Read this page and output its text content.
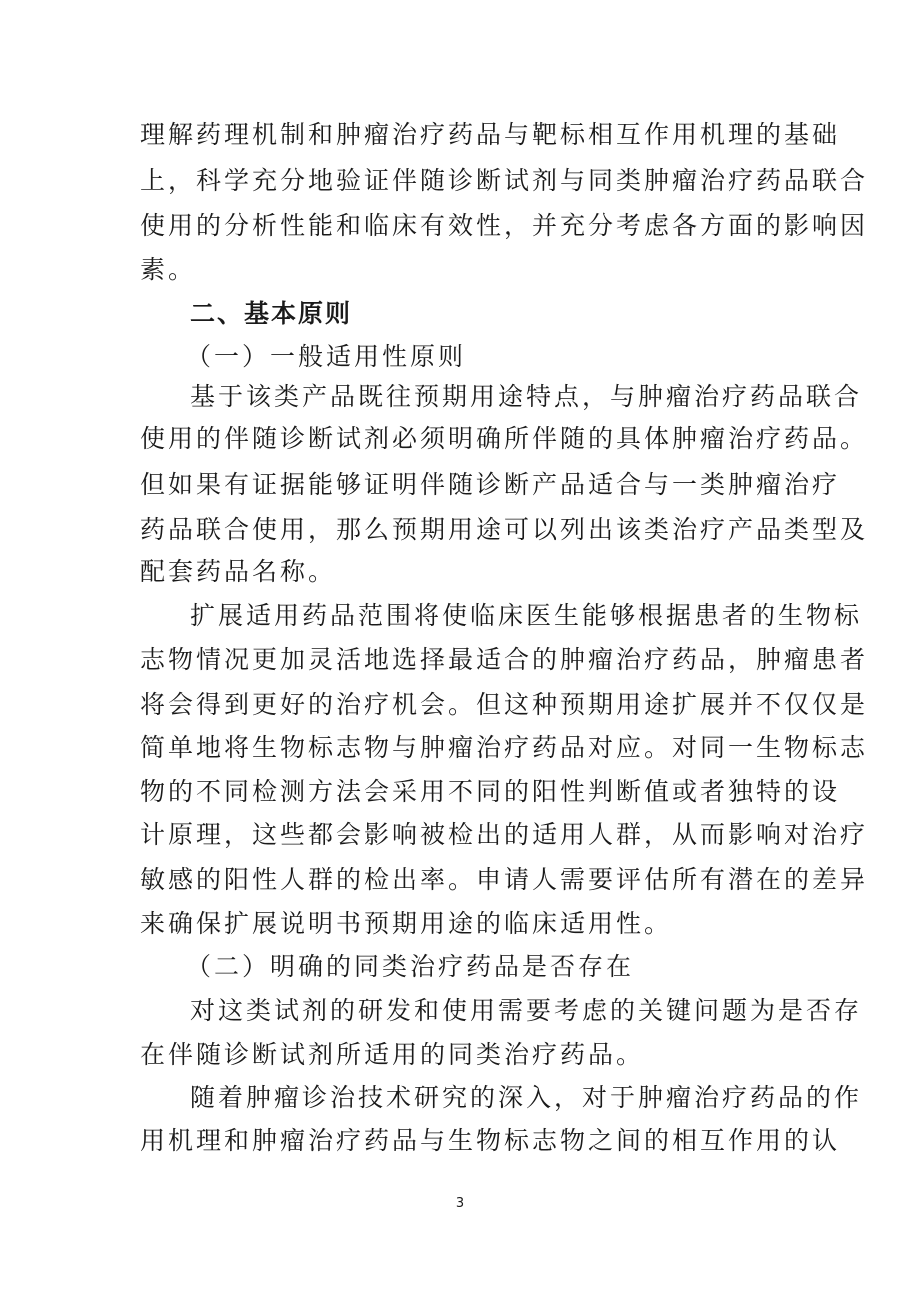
理解药理机制和肿瘤治疗药品与靶标相互作用机理的基础
上，科学充分地验证伴随诊断试剂与同类肿瘤治疗药品联合
使用的分析性能和临床有效性，并充分考虑各方面的影响因
素。
二、基本原则
（一）一般适用性原则
基于该类产品既往预期用途特点，与肿瘤治疗药品联合
使用的伴随诊断试剂必须明确所伴随的具体肿瘤治疗药品。
但如果有证据能够证明伴随诊断产品适合与一类肿瘤治疗
药品联合使用，那么预期用途可以列出该类治疗产品类型及
配套药品名称。
扩展适用药品范围将使临床医生能够根据患者的生物标
志物情况更加灵活地选择最适合的肿瘤治疗药品，肿瘤患者
将会得到更好的治疗机会。但这种预期用途扩展并不仅仅是
简单地将生物标志物与肿瘤治疗药品对应。对同一生物标志
物的不同检测方法会采用不同的阳性判断值或者独特的设
计原理，这些都会影响被检出的适用人群，从而影响对治疗
敏感的阳性人群的检出率。申请人需要评估所有潜在的差异
来确保扩展说明书预期用途的临床适用性。
（二）明确的同类治疗药品是否存在
对这类试剂的研发和使用需要考虑的关键问题为是否存
在伴随诊断试剂所适用的同类治疗药品。
随着肿瘤诊治技术研究的深入，对于肿瘤治疗药品的作
用机理和肿瘤治疗药品与生物标志物之间的相互作用的认
3
